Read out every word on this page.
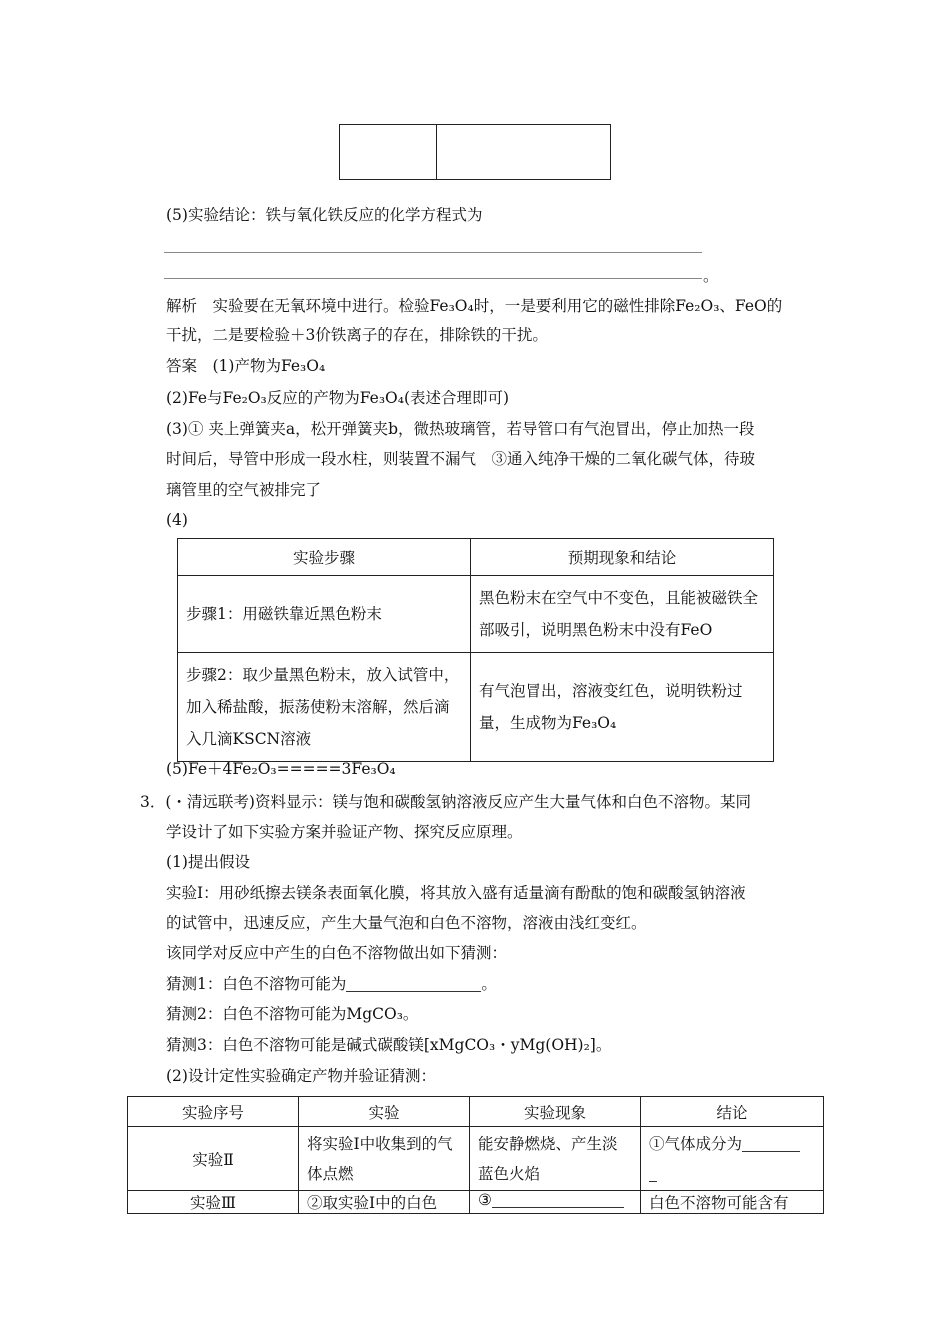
(5)实验结论：铁与氧化铁反应的化学方程式为
。
解析　实验要在无氧环境中进行。检验Fe₃O₄时，一是要利用它的磁性排除Fe₂O₃、FeO的
干扰，二是要检验＋3价铁离子的存在，排除铁的干扰。
答案　(1)产物为Fe₃O₄
(2)Fe与Fe₂O₃反应的产物为Fe₃O₄(表述合理即可)
(3)① 夹上弹簧夹a，松开弹簧夹b，微热玻璃管，若导管口有气泡冒出，停止加热一段
时间后，导管中形成一段水柱，则装置不漏气　③通入纯净干燥的二氧化碳气体，待玻
璃管里的空气被排完了
(4)
实验步骤	预期现象和结论
步骤1：用磁铁靠近黑色粉末	黑色粉末在空气中不变色，且能被磁铁全部吸引，说明黑色粉末中没有FeO
步骤2：取少量黑色粉末，放入试管中，加入稀盐酸，振荡使粉末溶解，然后滴入几滴KSCN溶液	有气泡冒出，溶液变红色，说明铁粉过量，生成物为Fe₃O₄
(5)Fe＋4Fe₂O₃=====3Fe₃O₄
3．(・清远联考)资料显示：镁与饱和碳酸氢钠溶液反应产生大量气体和白色不溶物。某同
学设计了如下实验方案并验证产物、探究反应原理。
(1)提出假设
实验Ⅰ：用砂纸擦去镁条表面氧化膜，将其放入盛有适量滴有酚酞的饱和碳酸氢钠溶液
的试管中，迅速反应，产生大量气泡和白色不溶物，溶液由浅红变红。
该同学对反应中产生的白色不溶物做出如下猜测：
猜测1：白色不溶物可能为	。
猜测2：白色不溶物可能为MgCO₃。
猜测3：白色不溶物可能是碱式碳酸镁[xMgCO₃・yMg(OH)₂]。
(2)设计定性实验确定产物并验证猜测：
实验序号	实验	实验现象	结论
实验Ⅱ	将实验Ⅰ中收集到的气体点燃	能安静燃烧、产生淡蓝色火焰	①气体成分为

实验Ⅲ	②取实验Ⅰ中的白色	③	白色不溶物可能含有
